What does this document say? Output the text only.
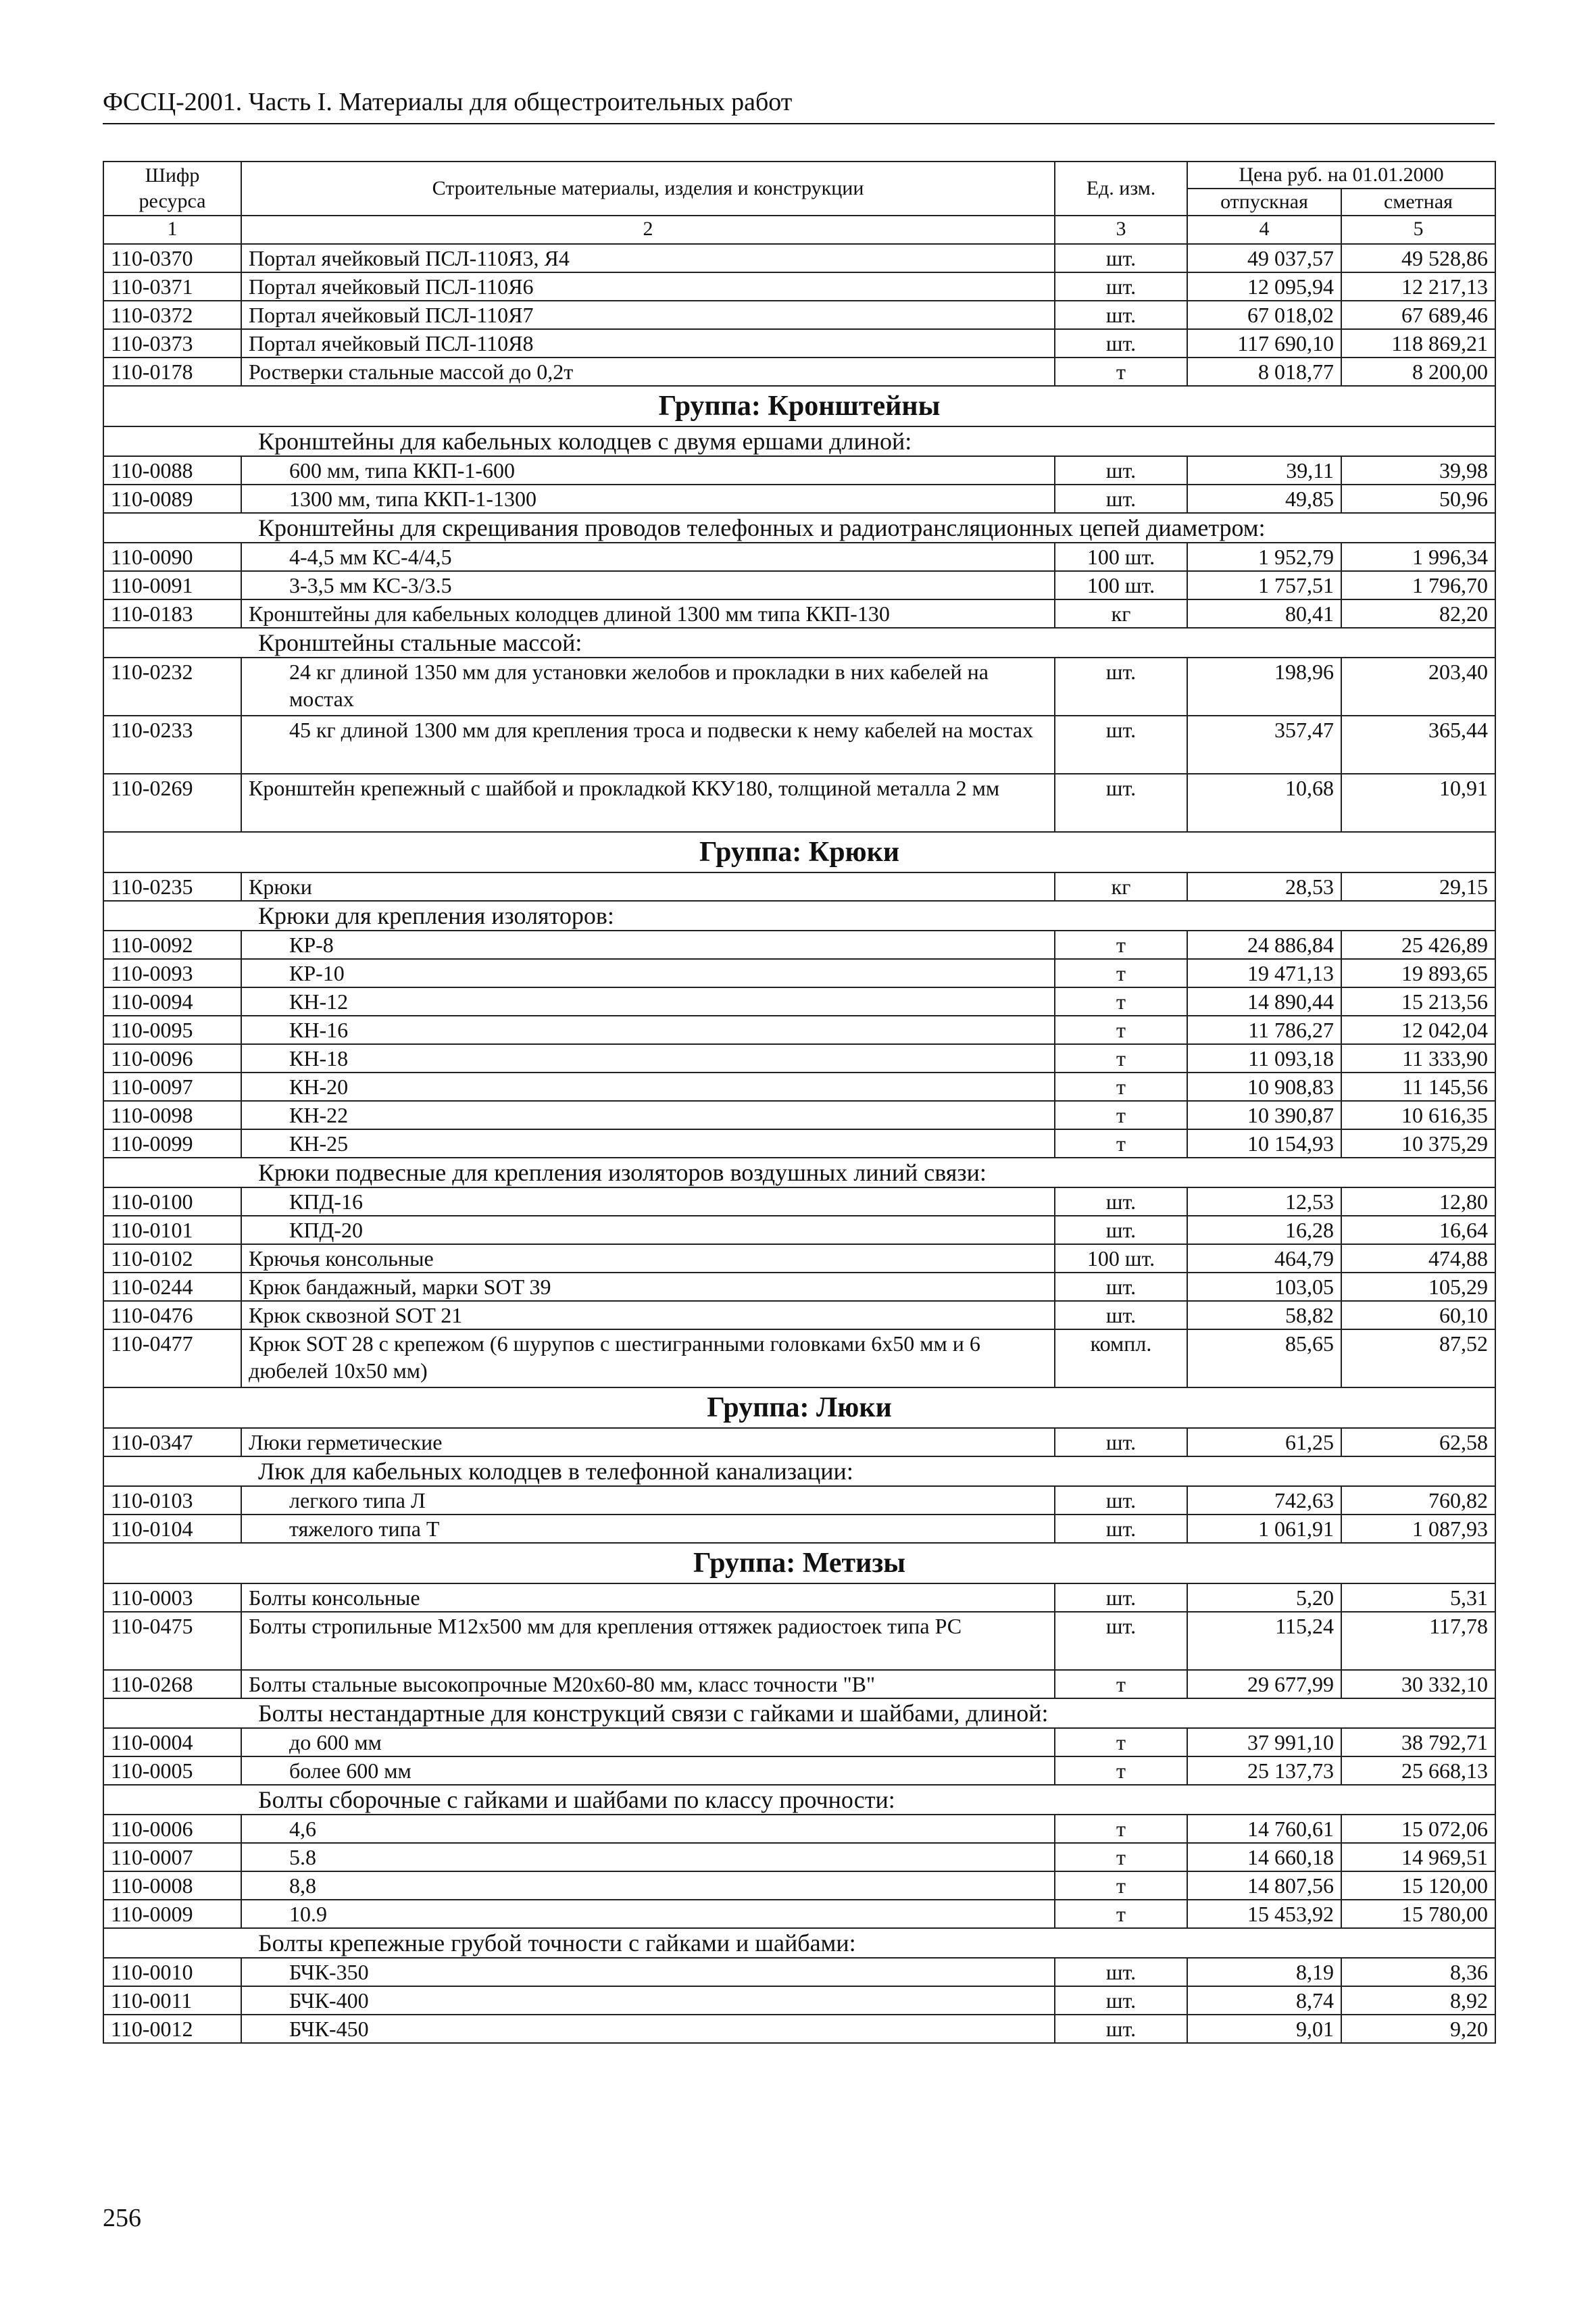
ФССЦ-2001. Часть I. Материалы для общестроительных работ
Шифр ресурса	Строительные материалы, изделия и конструкции	Ед. изм.	Цена руб. на 01.01.2000	
			отпускная	сметная
1	2	3	4	5
110-0370	Портал ячейковый ПСЛ-110Я3, Я4	шт.	49 037,57	49 528,86
110-0371	Портал ячейковый ПСЛ-110Я6	шт.	12 095,94	12 217,13
110-0372	Портал ячейковый ПСЛ-110Я7	шт.	67 018,02	67 689,46
110-0373	Портал ячейковый ПСЛ-110Я8	шт.	117 690,10	118 869,21
110-0178	Ростверки стальные массой до 0,2т	т	8 018,77	8 200,00
Группа: Кронштейны				
Кронштейны для кабельных колодцев с двумя ершами длиной:				
110-0088	600 мм, типа ККП-1-600	шт.	39,11	39,98
110-0089	1300 мм, типа ККП-1-1300	шт.	49,85	50,96
Кронштейны для скрещивания проводов телефонных и радиотрансляционных цепей диаметром:				
110-0090	4-4,5 мм КС-4/4,5	100 шт.	1 952,79	1 996,34
110-0091	3-3,5 мм КС-3/3.5	100 шт.	1 757,51	1 796,70
110-0183	Кронштейны для кабельных колодцев длиной 1300 мм типа ККП-130	кг	80,41	82,20
Кронштейны стальные массой:				
110-0232	24 кг длиной 1350 мм для установки желобов и прокладки в них кабелей на мостах	шт.	198,96	203,40
110-0233	45 кг длиной 1300 мм для крепления троса и подвески к нему кабелей на мостах	шт.	357,47	365,44
110-0269	Кронштейн крепежный с шайбой и прокладкой ККУ180, толщиной металла 2 мм	шт.	10,68	10,91
Группа: Крюки				
110-0235	Крюки	кг	28,53	29,15
Крюки для крепления изоляторов:				
110-0092	КР-8	т	24 886,84	25 426,89
110-0093	КР-10	т	19 471,13	19 893,65
110-0094	КН-12	т	14 890,44	15 213,56
110-0095	КН-16	т	11 786,27	12 042,04
110-0096	КН-18	т	11 093,18	11 333,90
110-0097	КН-20	т	10 908,83	11 145,56
110-0098	КН-22	т	10 390,87	10 616,35
110-0099	КН-25	т	10 154,93	10 375,29
Крюки подвесные для крепления изоляторов воздушных линий связи:				
110-0100	КПД-16	шт.	12,53	12,80
110-0101	КПД-20	шт.	16,28	16,64
110-0102	Крючья консольные	100 шт.	464,79	474,88
110-0244	Крюк бандажный, марки SOT 39	шт.	103,05	105,29
110-0476	Крюк сквозной SOT 21	шт.	58,82	60,10
110-0477	Крюк SOT 28 с крепежом (6 шурупов с шестигранными головками 6х50 мм и 6 дюбелей 10х50 мм)	компл.	85,65	87,52
Группа: Люки				
110-0347	Люки герметические	шт.	61,25	62,58
Люк для кабельных колодцев в телефонной канализации:				
110-0103	легкого типа Л	шт.	742,63	760,82
110-0104	тяжелого типа Т	шт.	1 061,91	1 087,93
Группа: Метизы				
110-0003	Болты консольные	шт.	5,20	5,31
110-0475	Болты стропильные М12х500 мм для крепления оттяжек радиостоек типа РС	шт.	115,24	117,78
110-0268	Болты стальные высокопрочные М20х60-80 мм, класс точности "В"	т	29 677,99	30 332,10
Болты нестандартные для конструкций связи с гайками и шайбами, длиной:				
110-0004	до 600 мм	т	37 991,10	38 792,71
110-0005	более 600 мм	т	25 137,73	25 668,13
Болты сборочные с гайками и шайбами по классу прочности:				
110-0006	4,6	т	14 760,61	15 072,06
110-0007	5.8	т	14 660,18	14 969,51
110-0008	8,8	т	14 807,56	15 120,00
110-0009	10.9	т	15 453,92	15 780,00
Болты крепежные грубой точности с гайками и шайбами:				
110-0010	БЧК-350	шт.	8,19	8,36
110-0011	БЧК-400	шт.	8,74	8,92
110-0012	БЧК-450	шт.	9,01	9,20
256
